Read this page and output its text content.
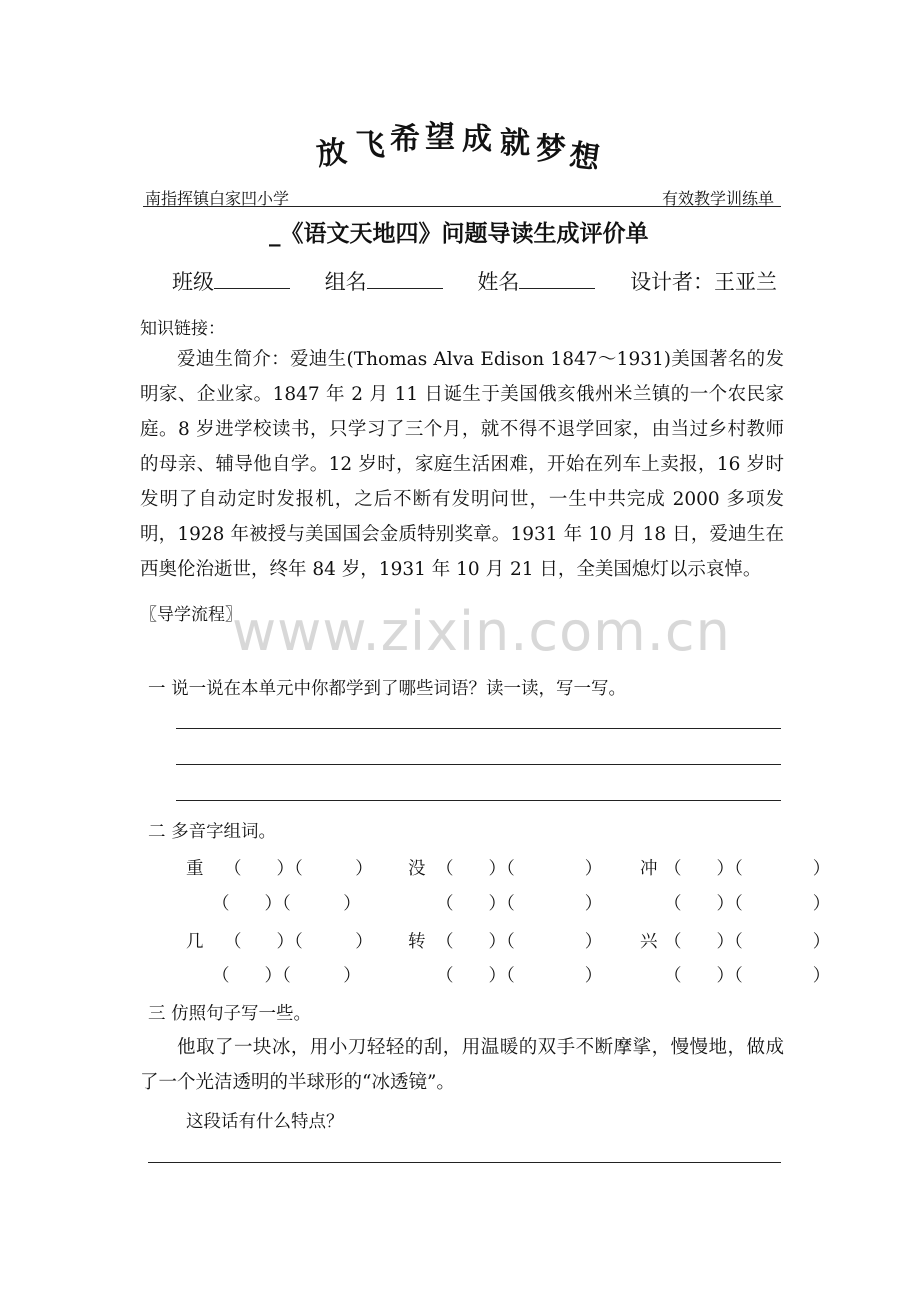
放 飞 希 望 成 就 梦 想
南指挥镇白家凹小学	有效教学训练单
_《语文天地四》问题导读生成评价单
班级	组名	姓名	设计者：王亚兰
知识链接：
爱迪生简介：爱迪生(Thomas Alva Edison 1847～1931)美国著名的发明家、企业家。1847 年 2 月 11 日诞生于美国俄亥俄州米兰镇的一个农民家庭。8 岁进学校读书，只学习了三个月，就不得不退学回家，由当过乡村教师的母亲、辅导他自学。12 岁时，家庭生活困难，开始在列车上卖报，16 岁时发明了自动定时发报机，之后不断有发明问世，一生中共完成 2000 多项发明，1928 年被授与美国国会金质特别奖章。1931 年 10 月 18 日，爱迪生在西奥伦治逝世，终年 84 岁，1931 年 10 月 21 日，全美国熄灯以示哀悼。
〖导学流程〗
www.zixin.com.cn
一 说一说在本单元中你都学到了哪些词语？读一读，写一写。
二 多音字组词。
重 （　　）（　　　） 没 （　　）（　　　　） 冲 （　　）（　　　　）
（　　）（　　　）	（　　）（　　　　）	（　　）（　　　　）
几 （　　）（　　　） 转 （　　）（　　　　） 兴 （　　）（　　　　）
（　　）（　　　）	（　　）（　　　　）	（　　）（　　　　）
三 仿照句子写一些。
他取了一块冰，用小刀轻轻的刮，用温暖的双手不断摩挲，慢慢地，做成了一个光洁透明的半球形的“冰透镜”。
这段话有什么特点？
